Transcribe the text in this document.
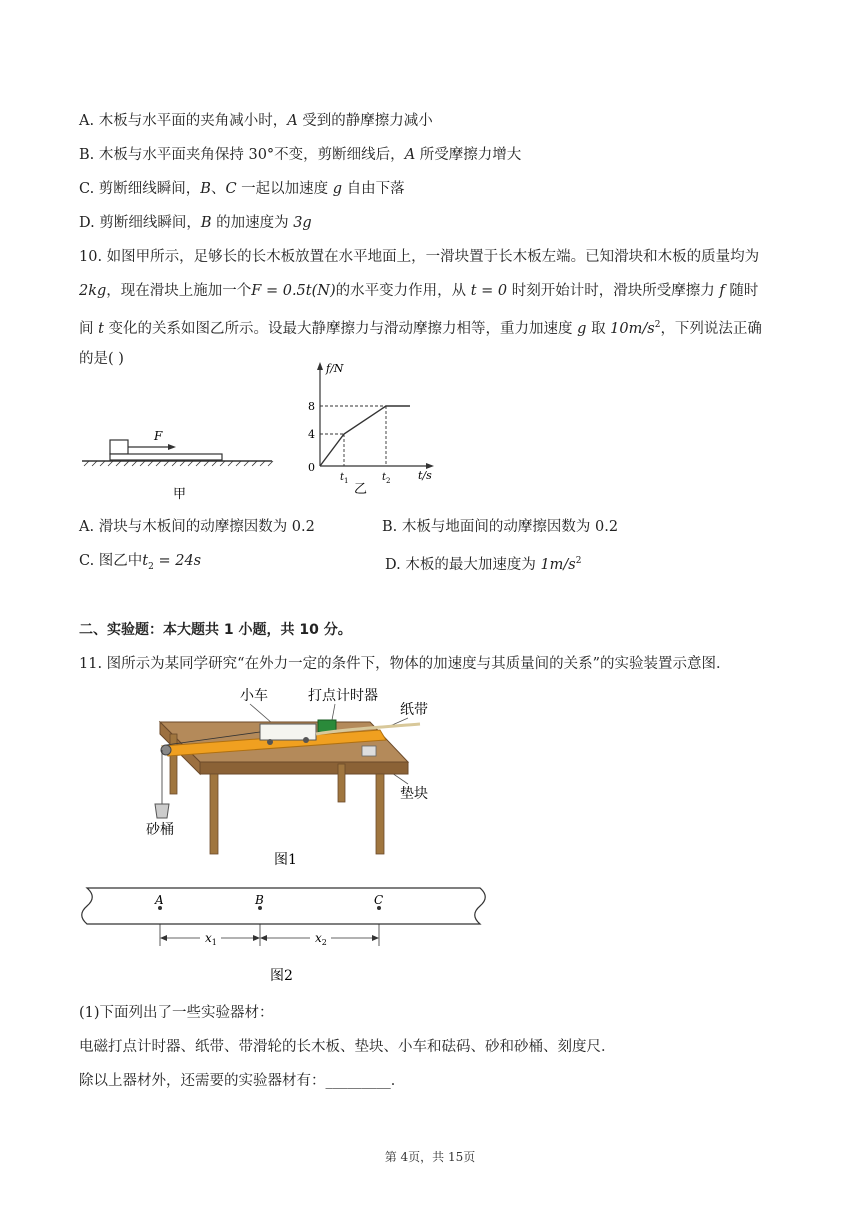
A. 木板与水平面的夹角减小时，A 受到的静摩擦力减小
B. 木板与水平面夹角保持 30°不变，剪断细线后，A 所受摩擦力增大
C. 剪断细线瞬间，B、C 一起以加速度 g 自由下落
D. 剪断细线瞬间，B 的加速度为 3g
10. 如图甲所示，足够长的长木板放置在水平地面上，一滑块置于长木板左端。已知滑块和木板的质量均为
2kg，现在滑块上施加一个F = 0.5t(N)的水平变力作用，从 t = 0 时刻开始计时，滑块所受摩擦力 f 随时
间 t 变化的关系如图乙所示。设最大静摩擦力与滑动摩擦力相等，重力加速度 g 取 $10m/s^2$，下列说法正确
的是( )
F
甲
f/N
t/s
0
4
8
$t_1$	$t_2$
乙
A. 滑块与木板间的动摩擦因数为 0.2	B. 木板与地面间的动摩擦因数为 0.2
C. 图乙中$t_2 = 24s$	D. 木板的最大加速度为 $1m/s^2$
二、实验题：本大题共 1 小题，共 10 分。
11. 图所示为某同学研究“在外力一定的条件下，物体的加速度与其质量间的关系”的实验装置示意图．
小车	打点计时器
纸带
垫块
砂桶
图1
A	B	C
$x_1$	$x_2$
图2
(1)下面列出了一些实验器材：
电磁打点计时器、纸带、带滑轮的长木板、垫块、小车和砝码、砂和砂桶、刻度尺．
除以上器材外，还需要的实验器材有：_________．
第 4页，共 15页
